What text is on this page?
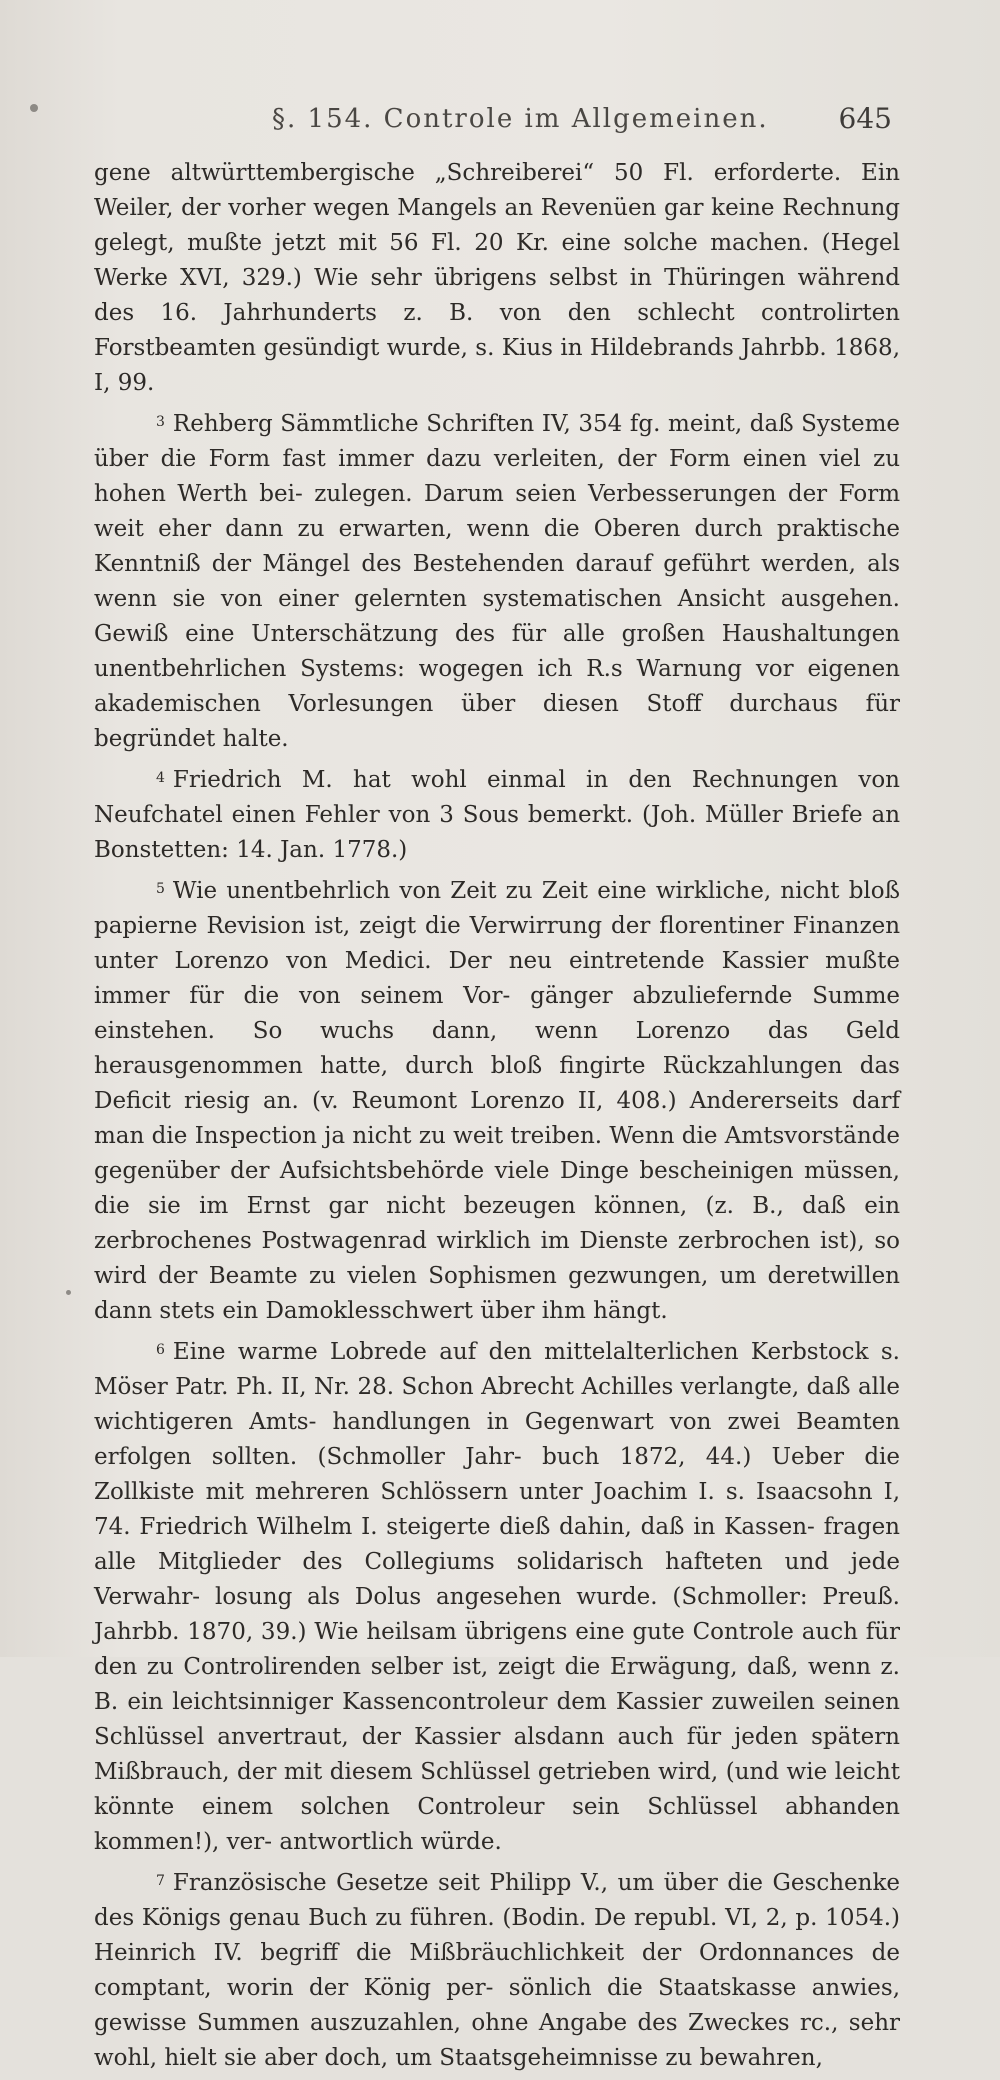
§. 154. Controle im Allgemeinen. 645

gene altwürttembergische „Schreiberei“ 50 Fl. erforderte. Ein Weiler, der vorher wegen Mangels an Revenüen gar keine Rechnung gelegt, mußte jetzt mit 56 Fl. 20 Kr. eine solche machen. (Hegel Werke XVI, 329.) Wie sehr übrigens selbst in Thüringen während des 16. Jahrhunderts z. B. von den schlecht controlirten Forstbeamten gesündigt wurde, s. Kius in Hildebrands Jahrbb. 1868, I, 99.

$^3$ Rehberg Sämmtliche Schriften IV, 354 fg. meint, daß Systeme über die Form fast immer dazu verleiten, der Form einen viel zu hohen Werth bei- zulegen. Darum seien Verbesserungen der Form weit eher dann zu erwarten, wenn die Oberen durch praktische Kenntniß der Mängel des Bestehenden darauf geführt werden, als wenn sie von einer gelernten systematischen Ansicht ausgehen. Gewiß eine Unterschätzung des für alle großen Haushaltungen unentbehrlichen Systems: wogegen ich R.s Warnung vor eigenen akademischen Vorlesungen über diesen Stoff durchaus für begründet halte.

$^4$ Friedrich M. hat wohl einmal in den Rechnungen von Neufchatel einen Fehler von 3 Sous bemerkt. (Joh. Müller Briefe an Bonstetten: 14. Jan. 1778.)

$^5$ Wie unentbehrlich von Zeit zu Zeit eine wirkliche, nicht bloß papierne Revision ist, zeigt die Verwirrung der florentiner Finanzen unter Lorenzo von Medici. Der neu eintretende Kassier mußte immer für die von seinem Vor- gänger abzuliefernde Summe einstehen. So wuchs dann, wenn Lorenzo das Geld herausgenommen hatte, durch bloß fingirte Rückzahlungen das Deficit riesig an. (v. Reumont Lorenzo II, 408.) Andererseits darf man die Inspection ja nicht zu weit treiben. Wenn die Amtsvorstände gegenüber der Aufsichtsbehörde viele Dinge bescheinigen müssen, die sie im Ernst gar nicht bezeugen können, (z. B., daß ein zerbrochenes Postwagenrad wirklich im Dienste zerbrochen ist), so wird der Beamte zu vielen Sophismen gezwungen, um deretwillen dann stets ein Damoklesschwert über ihm hängt.

$^6$ Eine warme Lobrede auf den mittelalterlichen Kerbstock s. Möser Patr. Ph. II, Nr. 28. Schon Abrecht Achilles verlangte, daß alle wichtigeren Amts- handlungen in Gegenwart von zwei Beamten erfolgen sollten. (Schmoller Jahr- buch 1872, 44.) Ueber die Zollkiste mit mehreren Schlössern unter Joachim I. s. Isaacsohn I, 74. Friedrich Wilhelm I. steigerte dieß dahin, daß in Kassen- fragen alle Mitglieder des Collegiums solidarisch hafteten und jede Verwahr- losung als Dolus angesehen wurde. (Schmoller: Preuß. Jahrbb. 1870, 39.) Wie heilsam übrigens eine gute Controle auch für den zu Controlirenden selber ist, zeigt die Erwägung, daß, wenn z. B. ein leichtsinniger Kassencontroleur dem Kassier zuweilen seinen Schlüssel anvertraut, der Kassier alsdann auch für jeden spätern Mißbrauch, der mit diesem Schlüssel getrieben wird, (und wie leicht könnte einem solchen Controleur sein Schlüssel abhanden kommen!), ver- antwortlich würde.

$^7$ Französische Gesetze seit Philipp V., um über die Geschenke des Königs genau Buch zu führen. (Bodin. De republ. VI, 2, p. 1054.) Heinrich IV. begriff die Mißbräuchlichkeit der Ordonnances de comptant, worin der König per- sönlich die Staatskasse anwies, gewisse Summen auszuzahlen, ohne Angabe des Zweckes rc., sehr wohl, hielt sie aber doch, um Staatsgeheimnisse zu bewahren,
